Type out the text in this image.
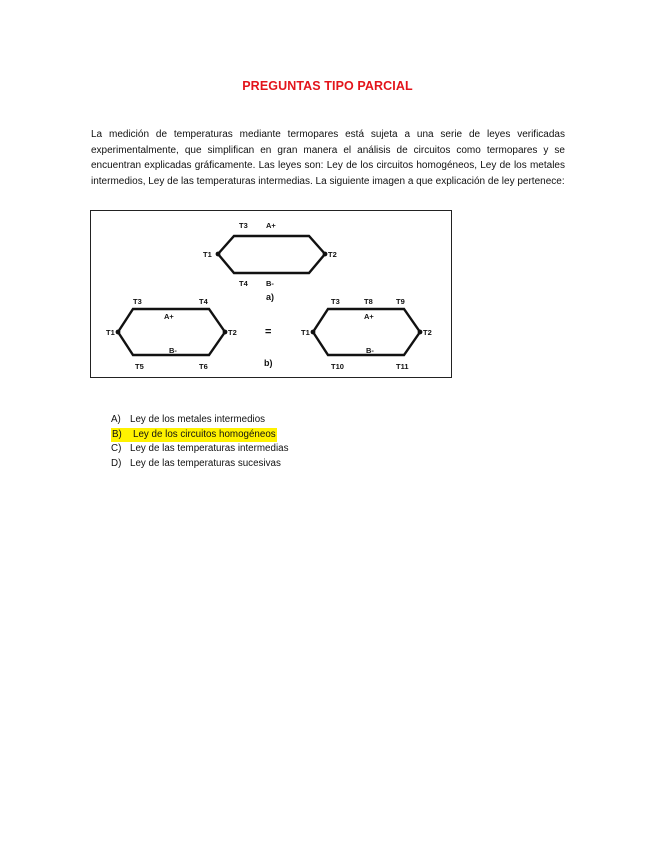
PREGUNTAS TIPO PARCIAL
La medición de temperaturas mediante termopares está sujeta a una serie de leyes verificadas experimentalmente, que simplifican en gran manera el análisis de circuitos como termopares y se encuentran explicadas gráficamente. Las leyes son: Ley de los circuitos homogéneos, Ley de los metales intermedios, Ley de las temperaturas intermedias. La siguiente imagen a que explicación de ley pertenece:
T3 A+
T1	T2
T4 B-
a)
T3	T4
A+
T1	T2
B-
T5	T6
=
b)
T3	T8	T9
A+
T1	T2
B-
T10	T11
A) Ley de los metales intermedios
B)	Ley de los circuitos homogéneos
C) Ley de las temperaturas intermedias
D) Ley de las temperaturas sucesivas
